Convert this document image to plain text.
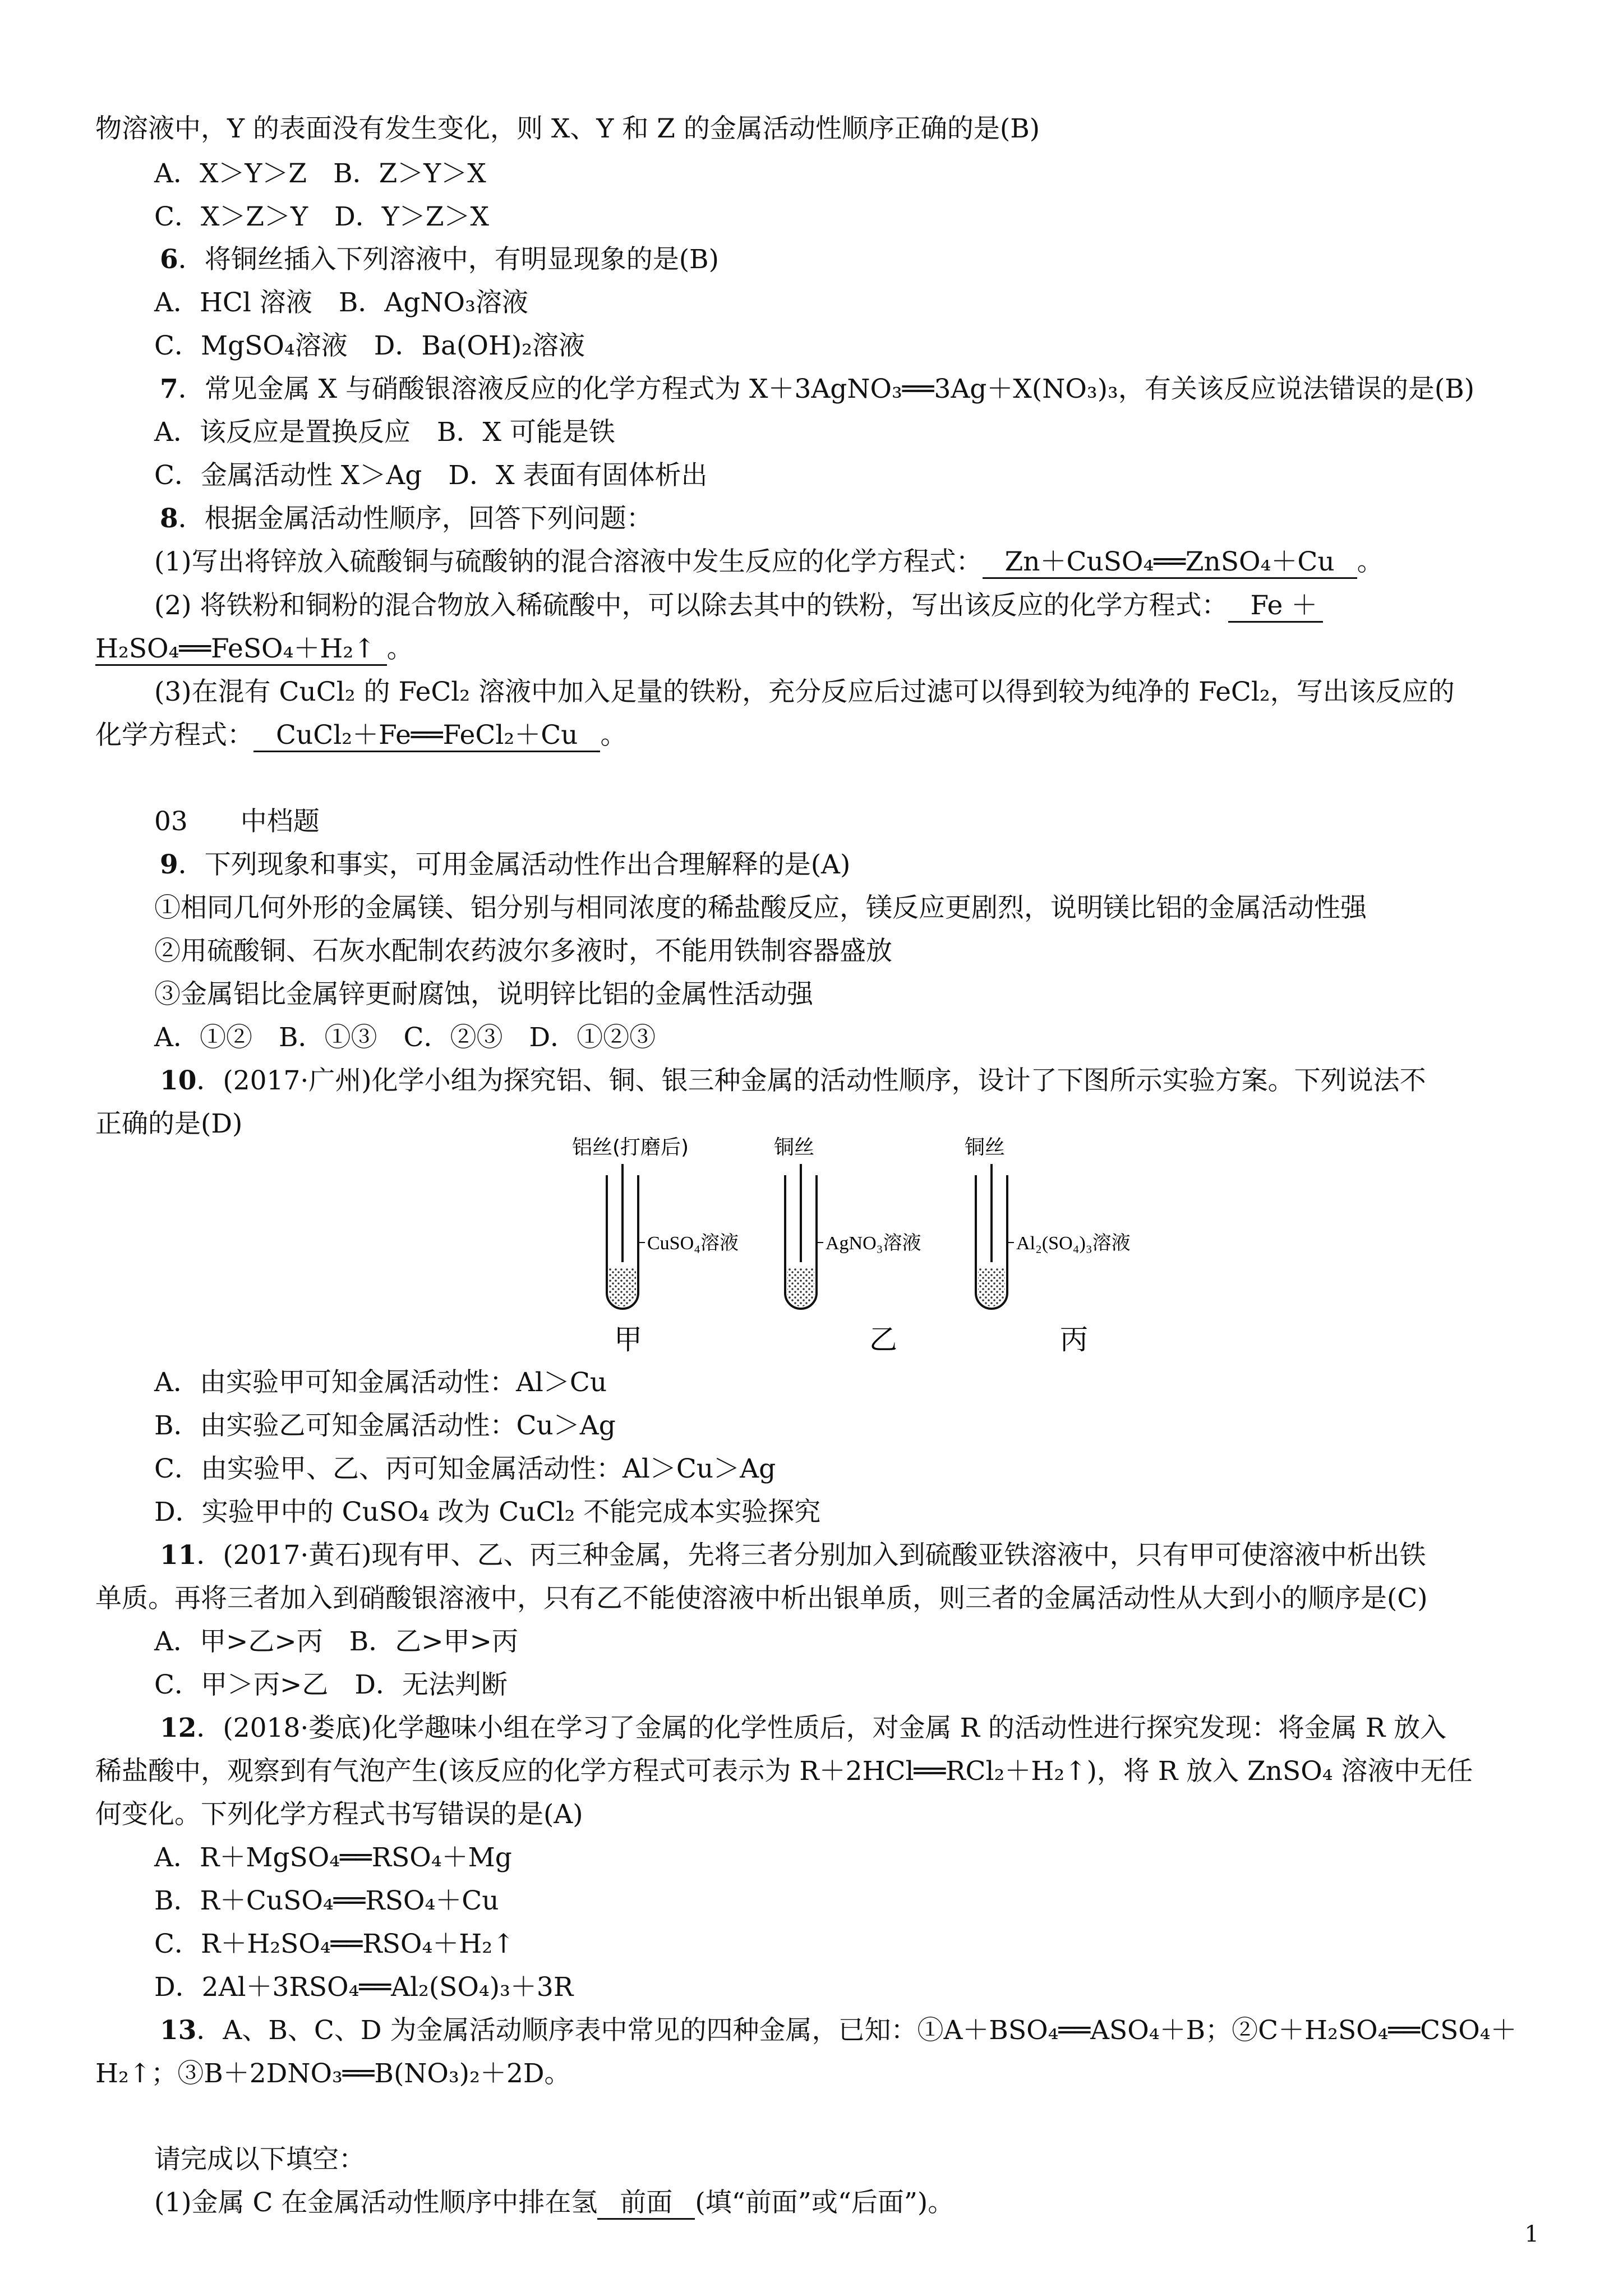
物溶液中，Y 的表面没有发生变化，则 X、Y 和 Z 的金属活动性顺序正确的是(B)
A．X＞Y＞Z　B．Z＞Y＞X
C．X＞Z＞Y　D．Y＞Z＞X
6．将铜丝插入下列溶液中，有明显现象的是(B)
A．HCl 溶液　B．AgNO₃溶液
C．MgSO₄溶液　D．Ba(OH)₂溶液
7．常见金属 X 与硝酸银溶液反应的化学方程式为 X＋3AgNO₃══3Ag＋X(NO₃)₃，有关该反应说法错误的是(B)
A．该反应是置换反应　B．X 可能是铁
C．金属活动性 X＞Ag　D．X 表面有固体析出
8．根据金属活动性顺序，回答下列问题：
(1)写出将锌放入硫酸铜与硫酸钠的混合溶液中发生反应的化学方程式： Zn＋CuSO₄══ZnSO₄＋Cu 。
(2) 将铁粉和铜粉的混合物放入稀硫酸中，可以除去其中的铁粉，写出该反应的化学方程式： Fe ＋
H₂SO₄══FeSO₄＋H₂↑ 。
(3)在混有 CuCl₂ 的 FeCl₂ 溶液中加入足量的铁粉，充分反应后过滤可以得到较为纯净的 FeCl₂，写出该反应的
化学方程式： CuCl₂＋Fe══FeCl₂＋Cu 。
03　　中档题
9．下列现象和事实，可用金属活动性作出合理解释的是(A)
①相同几何外形的金属镁、铝分别与相同浓度的稀盐酸反应，镁反应更剧烈，说明镁比铝的金属活动性强
②用硫酸铜、石灰水配制农药波尔多液时，不能用铁制容器盛放
③金属铝比金属锌更耐腐蚀，说明锌比铝的金属性活动强
A．①②　B．①③　C．②③　D．①②③
10．(2017·广州)化学小组为探究铝、铜、银三种金属的活动性顺序，设计了下图所示实验方案。下列说法不
正确的是(D)
铝丝(打磨后)
CuSO₄溶液
甲
铜丝
AgNO₃溶液
乙
铜丝
Al₂(SO₄)₃溶液
丙
A．由实验甲可知金属活动性：Al＞Cu
B．由实验乙可知金属活动性：Cu＞Ag
C．由实验甲、乙、丙可知金属活动性：Al＞Cu＞Ag
D．实验甲中的 CuSO₄ 改为 CuCl₂ 不能完成本实验探究
11．(2017·黄石)现有甲、乙、丙三种金属，先将三者分别加入到硫酸亚铁溶液中，只有甲可使溶液中析出铁
单质。再将三者加入到硝酸银溶液中，只有乙不能使溶液中析出银单质，则三者的金属活动性从大到小的顺序是(C)
A．甲>乙>丙　B．乙>甲>丙
C．甲＞丙>乙　D．无法判断
12．(2018·娄底)化学趣味小组在学习了金属的化学性质后，对金属 R 的活动性进行探究发现：将金属 R 放入
稀盐酸中，观察到有气泡产生(该反应的化学方程式可表示为 R＋2HCl══RCl₂＋H₂↑)，将 R 放入 ZnSO₄ 溶液中无任
何变化。下列化学方程式书写错误的是(A)
A．R＋MgSO₄══RSO₄＋Mg
B．R＋CuSO₄══RSO₄＋Cu
C．R＋H₂SO₄══RSO₄＋H₂↑
D．2Al＋3RSO₄══Al₂(SO₄)₃＋3R
13．A、B、C、D 为金属活动顺序表中常见的四种金属，已知：①A＋BSO₄══ASO₄＋B；②C＋H₂SO₄══CSO₄＋
H₂↑；③B＋2DNO₃══B(NO₃)₂＋2D。
请完成以下填空：
(1)金属 C 在金属活动性顺序中排在氢 前面 (填“前面”或“后面”)。
1
